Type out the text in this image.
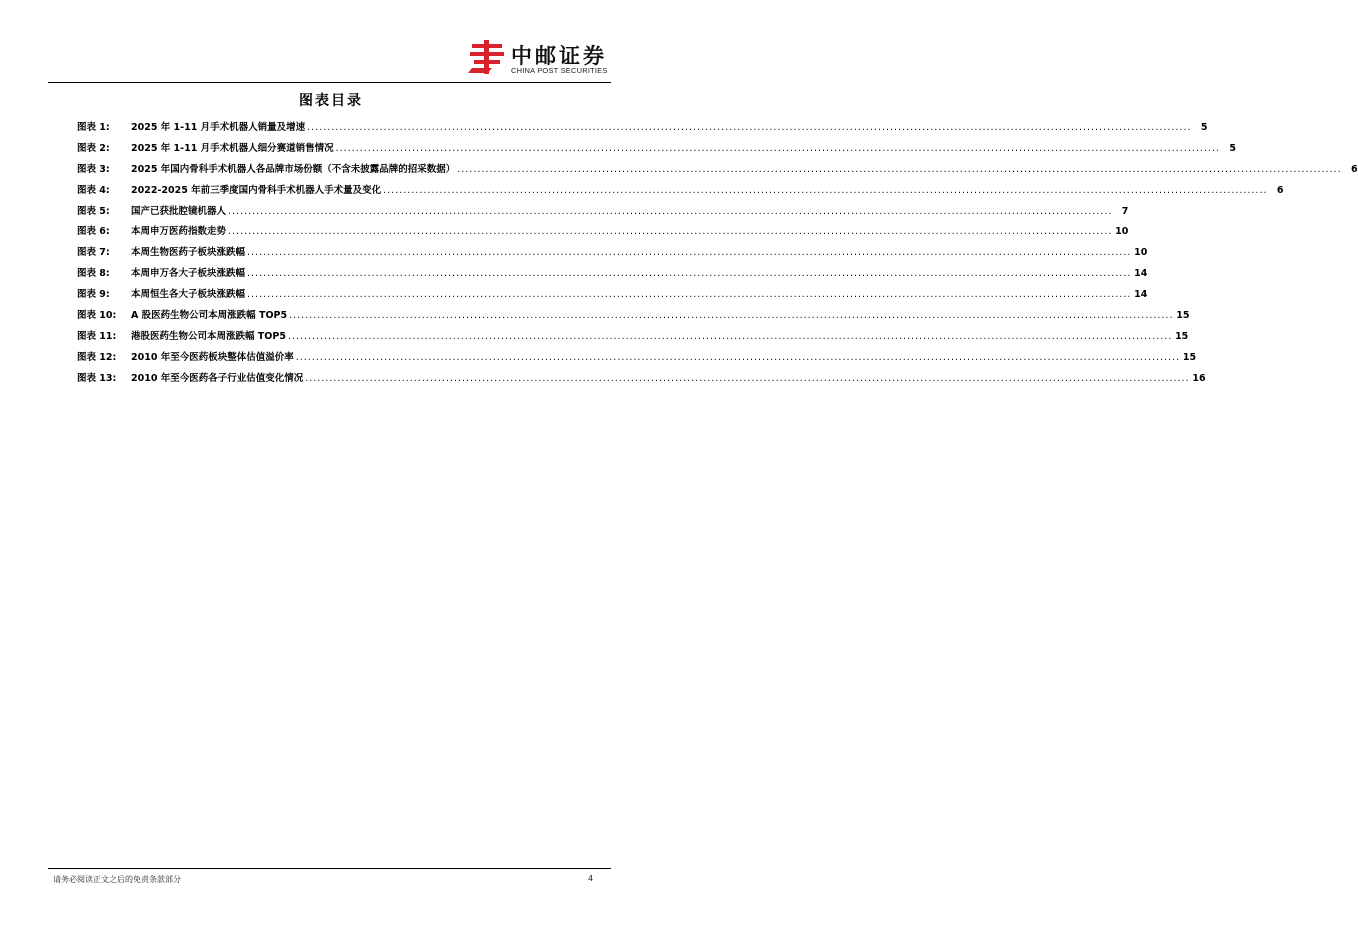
中邮证券
CHINA POST SECURITIES
图表目录
图表 1:	2025 年 1-11 月手术机器人销量及增速 ............................................................................................................................................................................................................................ 5
图表 2:	2025 年 1-11 月手术机器人细分赛道销售情况 ............................................................................................................................................................................................................................ 5
图表 3:	2025 年国内骨科手术机器人各品牌市场份额（不含未披露品牌的招采数据） ............................................................................................................................................................................................................................ 6
图表 4:	2022-2025 年前三季度国内骨科手术机器人手术量及变化 ............................................................................................................................................................................................................................ 6
图表 5:	国产已获批腔镜机器人 ............................................................................................................................................................................................................................ 7
图表 6:	本周申万医药指数走势 ............................................................................................................................................................................................................................ 10
图表 7:	本周生物医药子板块涨跌幅 ............................................................................................................................................................................................................................ 10
图表 8:	本周申万各大子板块涨跌幅 ............................................................................................................................................................................................................................ 14
图表 9:	本周恒生各大子板块涨跌幅 ............................................................................................................................................................................................................................ 14
图表 10:	A 股医药生物公司本周涨跌幅 TOP5 ............................................................................................................................................................................................................................ 15
图表 11:	港股医药生物公司本周涨跌幅 TOP5 ............................................................................................................................................................................................................................ 15
图表 12:	2010 年至今医药板块整体估值溢价率 ............................................................................................................................................................................................................................ 15
图表 13:	2010 年至今医药各子行业估值变化情况 ............................................................................................................................................................................................................................ 16
请务必阅读正文之后的免责条款部分	4
